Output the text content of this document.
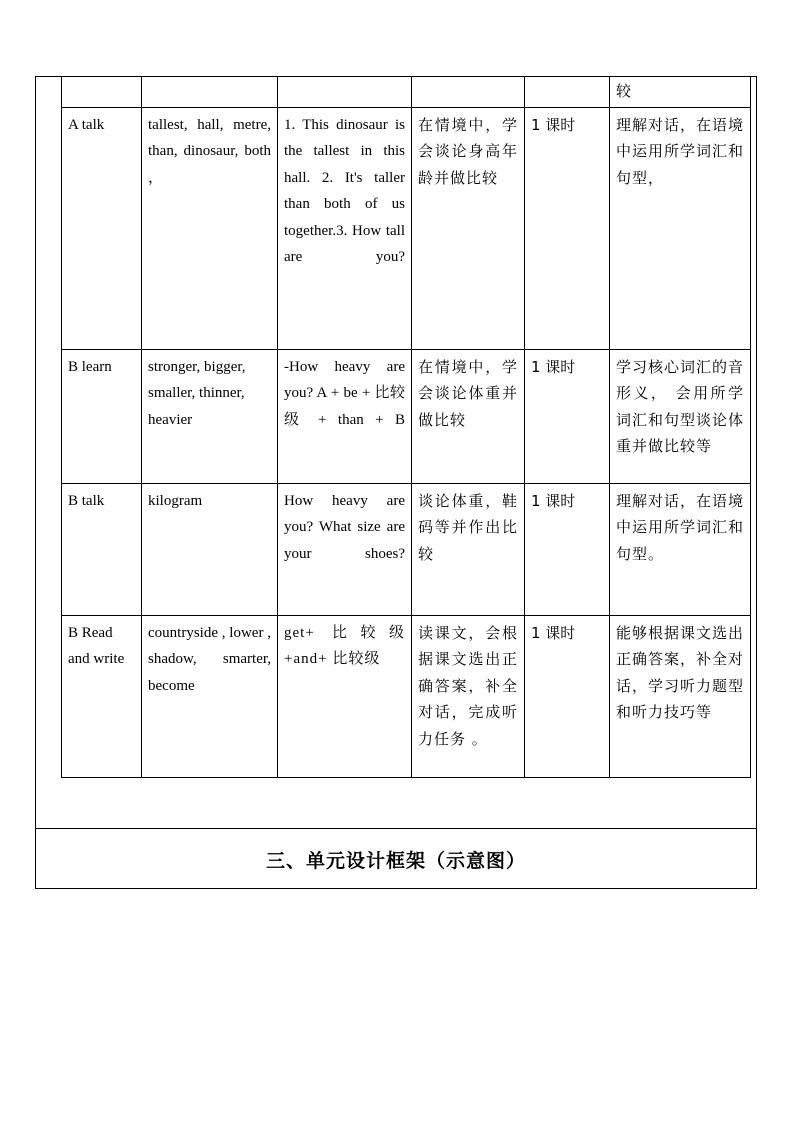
					较
A talk	tallest, hall, metre, than, dinosaur, both ，	1. This dinosaur is the tallest in this hall. 2. It's taller than both of us together.3. How tall are you?	在情境中，学会谈论身高年龄并做比较	1 课时	理解对话，在语境中运用所学词汇和句型，
B learn	stronger, bigger, smaller, thinner, heavier	-How heavy are you? A + be + 比较级 + than + B	在情境中，学会谈论体重并做比较	1 课时	学习核心词汇的音形义， 会用所学词汇和句型谈论体重并做比较等
B talk	kilogram	How heavy are you? What size are your shoes?	谈论体重，鞋码等并作出比较	1 课时	理解对话，在语境中运用所学词汇和句型。
B Read and write	countryside , lower , shadow, smarter, become	get+ 比较级 +and+ 比较级	读课文，会根据课文选出正确答案，补全对话，完成听力任务 。	1 课时	能够根据课文选出正确答案，补全对话，学习听力题型和听力技巧等
三、单元设计框架（示意图）
